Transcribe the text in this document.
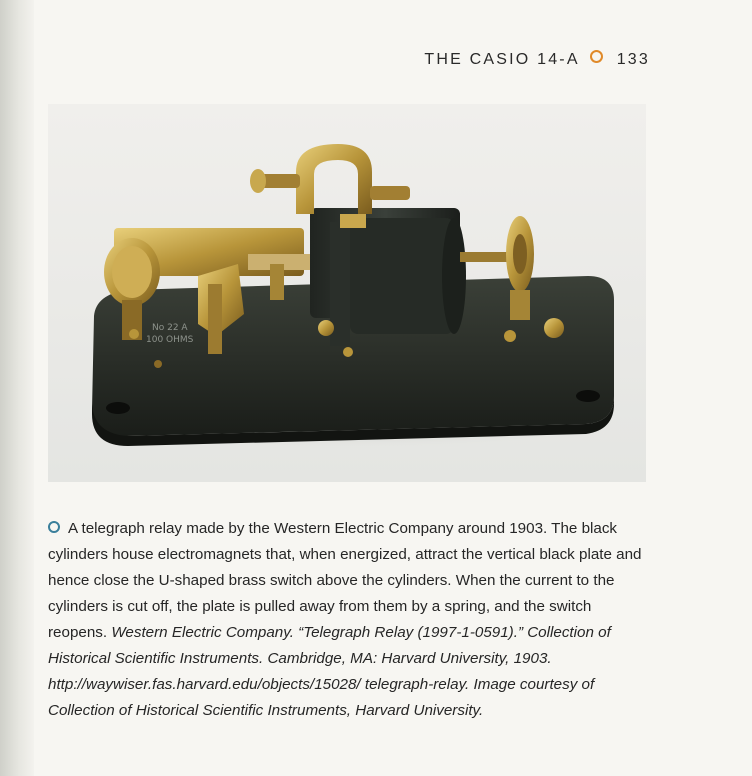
THE CASIO 14-A 133
No 22 A
100 OHMS
A telegraph relay made by the Western Electric Company around 1903. The black cylinders house electromagnets that, when energized, attract the vertical black plate and hence close the U-shaped brass switch above the cylinders. When the current to the cylinders is cut off, the plate is pulled away from them by a spring, and the switch reopens. Western Electric Company. “Telegraph Relay (1997-1-0591).” Collection of Historical Scientific Instruments. Cambridge, MA: Harvard University, 1903. http://waywiser.fas.harvard.edu/objects/15028/ telegraph-relay. Image courtesy of Collection of Historical Scientific Instruments, Harvard University.
